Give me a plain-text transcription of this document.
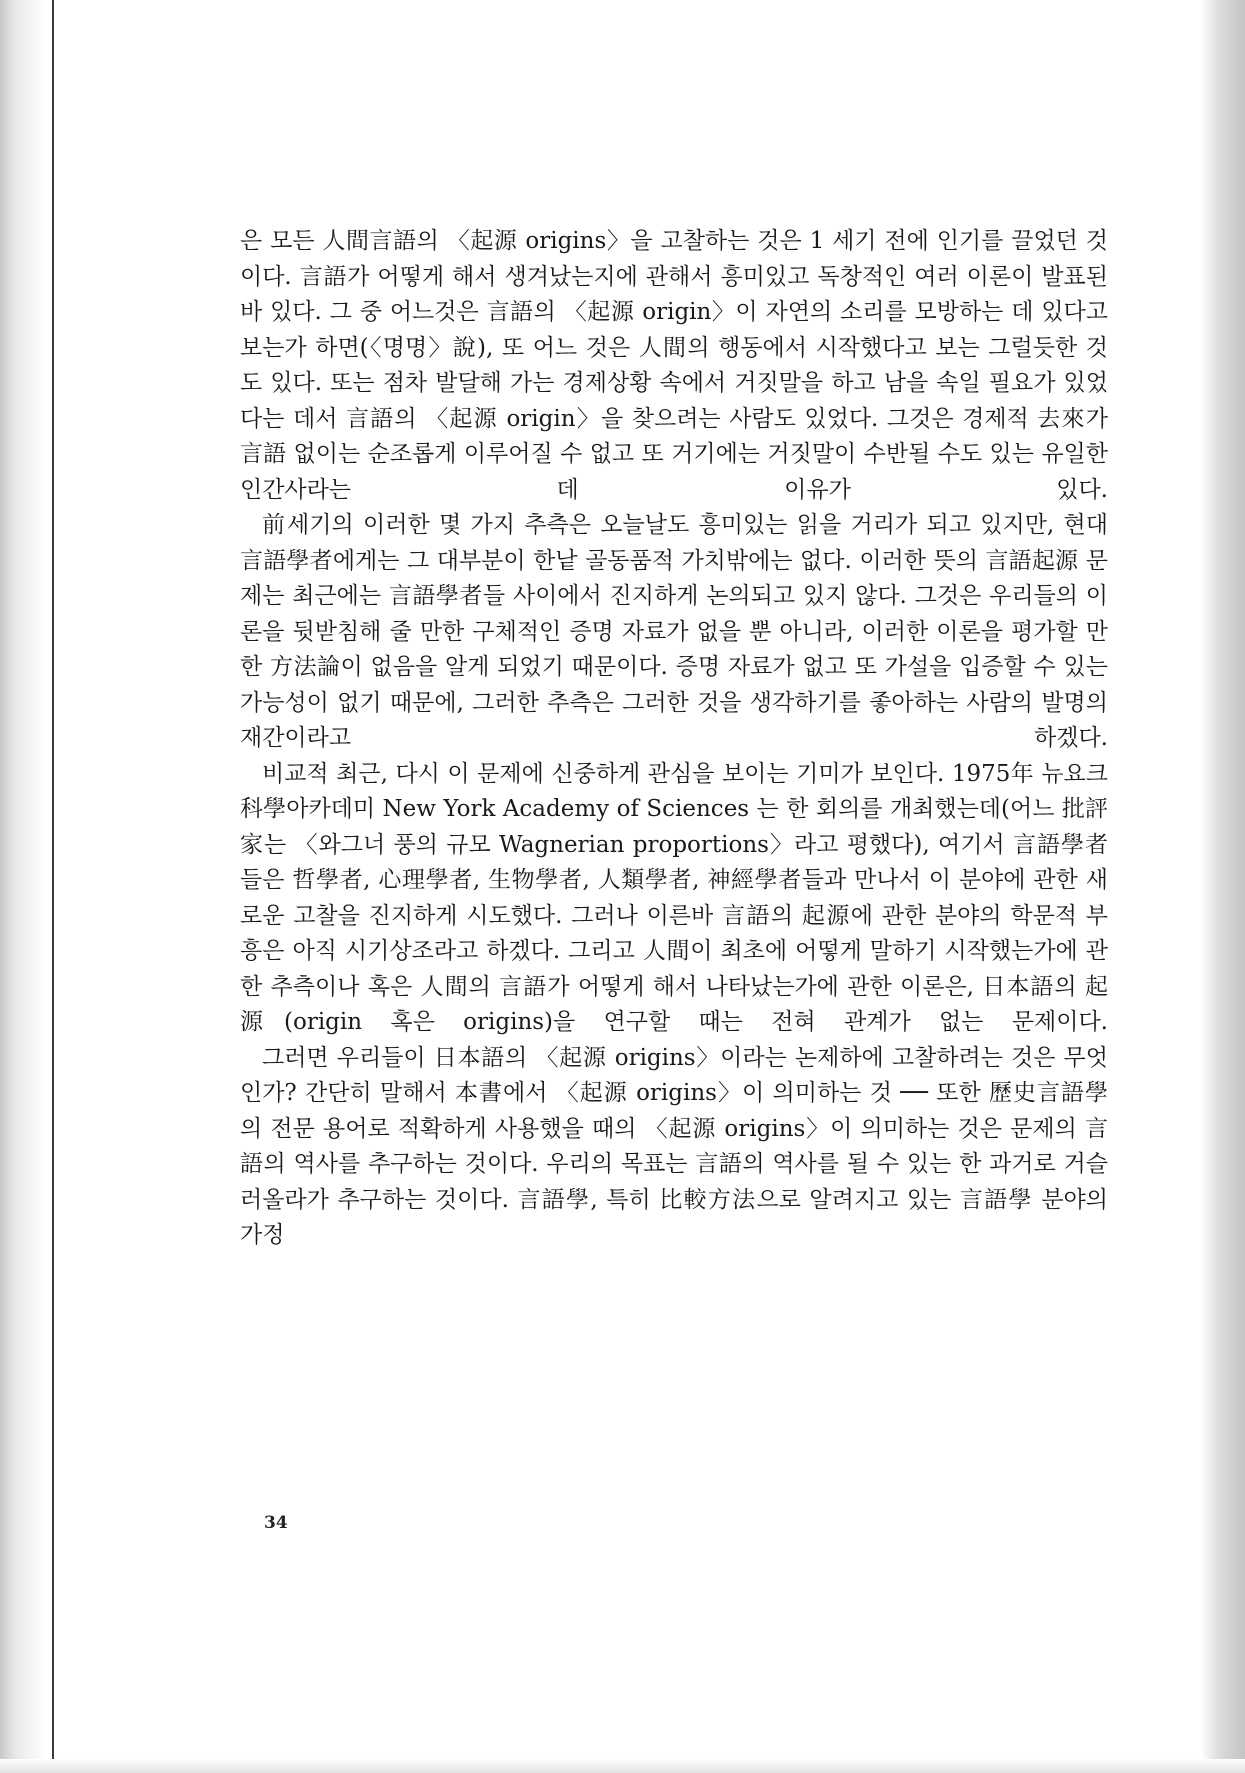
은 모든 人間言語의 〈起源 origins〉을 고찰하는 것은 1 세기 전에 인기를 끌었던 것이다. 言語가 어떻게 해서 생겨났는지에 관해서 흥미있고 독창적인 여러 이론이 발표된 바 있다. 그 중 어느것은 言語의 〈起源 origin〉이 자연의 소리를 모방하는 데 있다고 보는가 하면(〈명명〉說), 또 어느 것은 人間의 행동에서 시작했다고 보는 그럴듯한 것도 있다. 또는 점차 발달해 가는 경제상황 속에서 거짓말을 하고 남을 속일 필요가 있었다는 데서 言語의 〈起源 origin〉을 찾으려는 사람도 있었다. 그것은 경제적 去來가 言語 없이는 순조롭게 이루어질 수 없고 또 거기에는 거짓말이 수반될 수도 있는 유일한 인간사라는 데 이유가 있다.

前세기의 이러한 몇 가지 추측은 오늘날도 흥미있는 읽을 거리가 되고 있지만, 현대 言語學者에게는 그 대부분이 한낱 골동품적 가치밖에는 없다. 이러한 뜻의 言語起源 문제는 최근에는 言語學者들 사이에서 진지하게 논의되고 있지 않다. 그것은 우리들의 이론을 뒷받침해 줄 만한 구체적인 증명 자료가 없을 뿐 아니라, 이러한 이론을 평가할 만한 方法論이 없음을 알게 되었기 때문이다. 증명 자료가 없고 또 가설을 입증할 수 있는 가능성이 없기 때문에, 그러한 추측은 그러한 것을 생각하기를 좋아하는 사람의 발명의 재간이라고 하겠다.

비교적 최근, 다시 이 문제에 신중하게 관심을 보이는 기미가 보인다. 1975年 뉴요크 科學아카데미 New York Academy of Sciences 는 한 회의를 개최했는데(어느 批評家는 〈와그너 풍의 규모 Wagnerian proportions〉라고 평했다), 여기서 言語學者들은 哲學者, 心理學者, 生物學者, 人類學者, 神經學者들과 만나서 이 분야에 관한 새로운 고찰을 진지하게 시도했다. 그러나 이른바 言語의 起源에 관한 분야의 학문적 부흥은 아직 시기상조라고 하겠다. 그리고 人間이 최초에 어떻게 말하기 시작했는가에 관한 추측이나 혹은 人間의 言語가 어떻게 해서 나타났는가에 관한 이론은, 日本語의 起源(origin 혹은 origins)을 연구할 때는 전혀 관계가 없는 문제이다.

그러면 우리들이 日本語의 〈起源 origins〉이라는 논제하에 고찰하려는 것은 무엇인가? 간단히 말해서 本書에서 〈起源 origins〉이 의미하는 것 ── 또한 歷史言語學의 전문 용어로 적확하게 사용했을 때의 〈起源 origins〉이 의미하는 것은 문제의 言語의 역사를 추구하는 것이다. 우리의 목표는 言語의 역사를 될 수 있는 한 과거로 거슬러올라가 추구하는 것이다. 言語學, 특히 比較方法으로 알려지고 있는 言語學 분야의 가정

34
